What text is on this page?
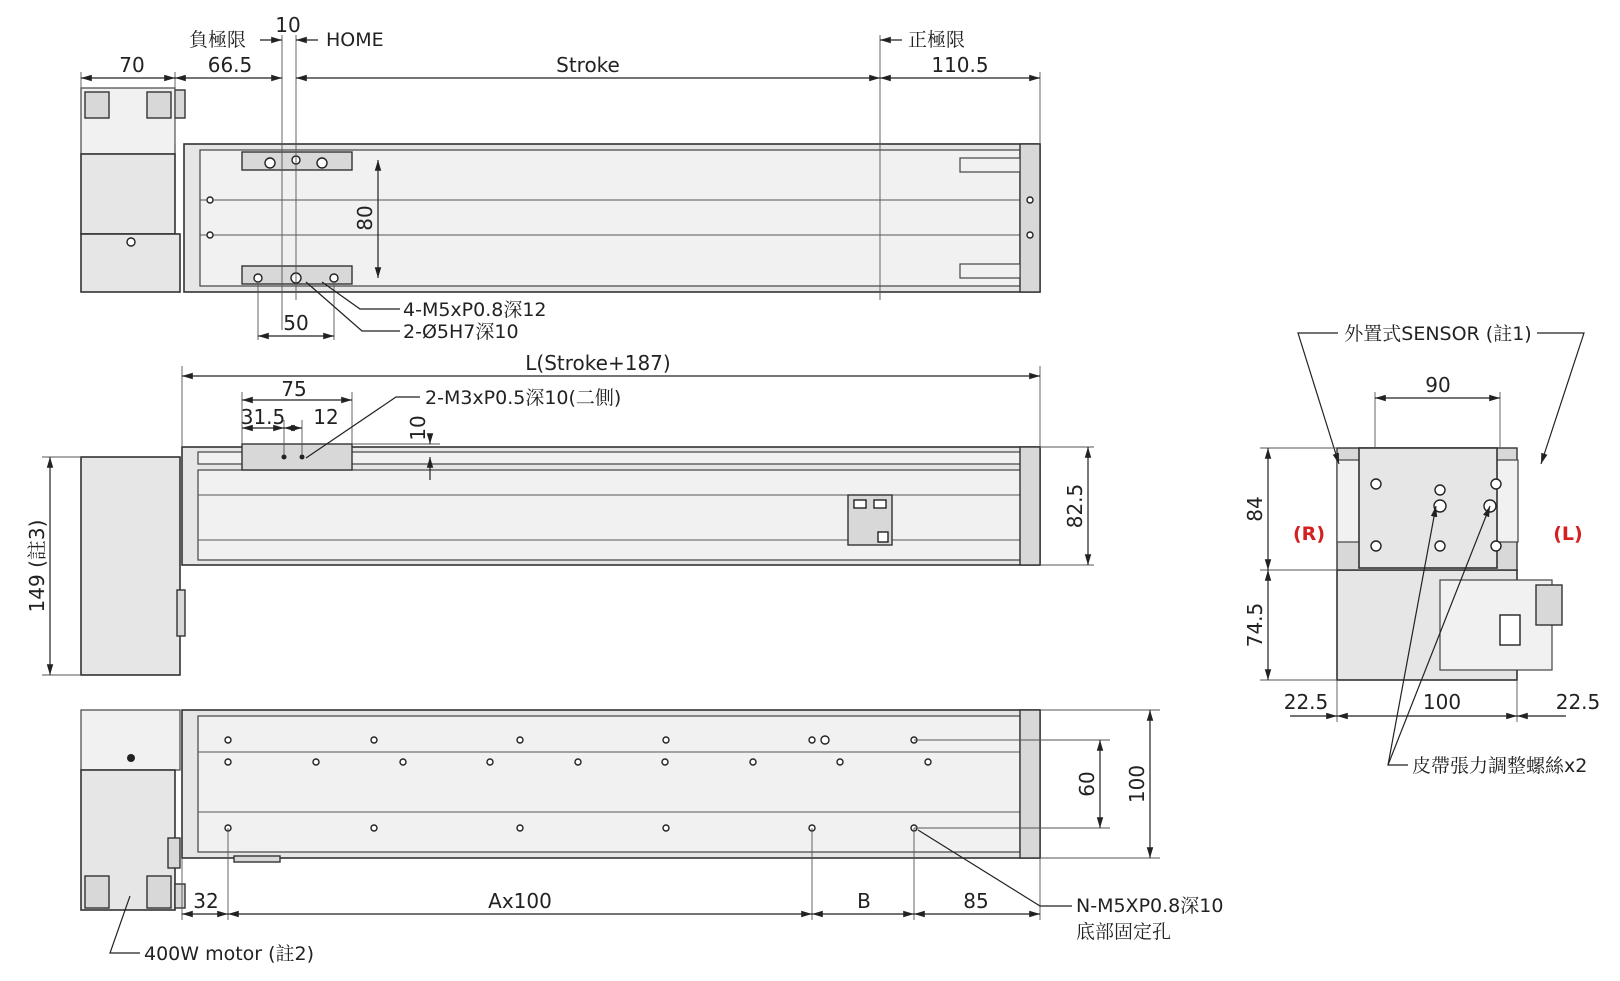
70	66.5	Stroke	110.5
10
負極限	HOME	正極限
80
50
4-M5xP0.8深12
2-Ø5H7深10
L(Stroke+187)
75
31.5 12	10
2-M3xP0.5深10(二側)
82.5
149 (註3)
60 100
32	Ax100	B	85	N-M5XP0.8深10
底部固定孔
400W motor (註2)
90
外置式SENSOR (註1)
84
74.5
(R)	(L)
22.5	100	22.5
皮帶張力調整螺絲x2
